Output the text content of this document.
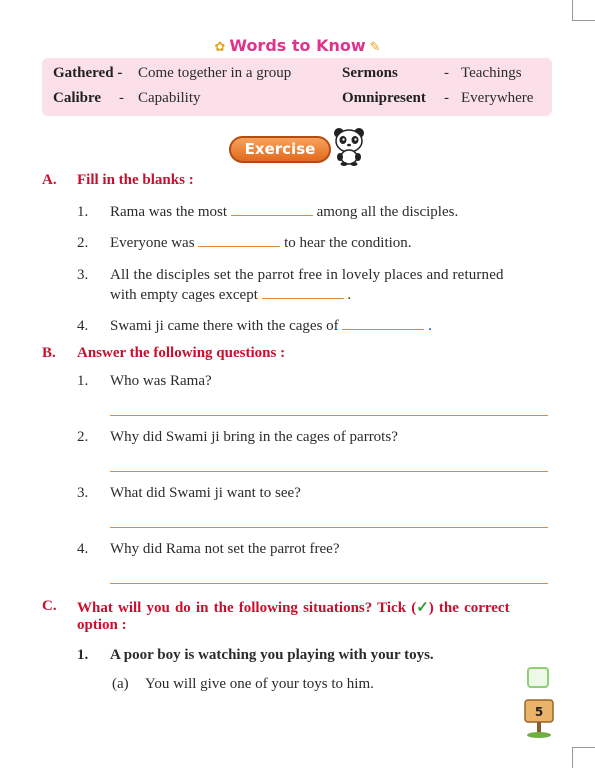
✿ Words to Know ✎
Gathered - Come together in a group	Sermons	- Teachings
Calibre - Capability	Omnipresent - Everywhere
Exercise
A. Fill in the blanks :
1. Rama was the most	among all the disciples.
2. Everyone was	to hear the condition.
3. All the disciples set the parrot free in lovely places and returned
with empty cages except	.
4. Swami ji came there with the cages of	.
B. Answer the following questions :
1. Who was Rama?
2. Why did Swami ji bring in the cages of parrots?
3. What did Swami ji want to see?
4. Why did Rama not set the parrot free?
C. What will you do in the following situations? Tick (✓) the correct
option :
1. A poor boy is watching you playing with your toys.
(a) You will give one of your toys to him.
5
